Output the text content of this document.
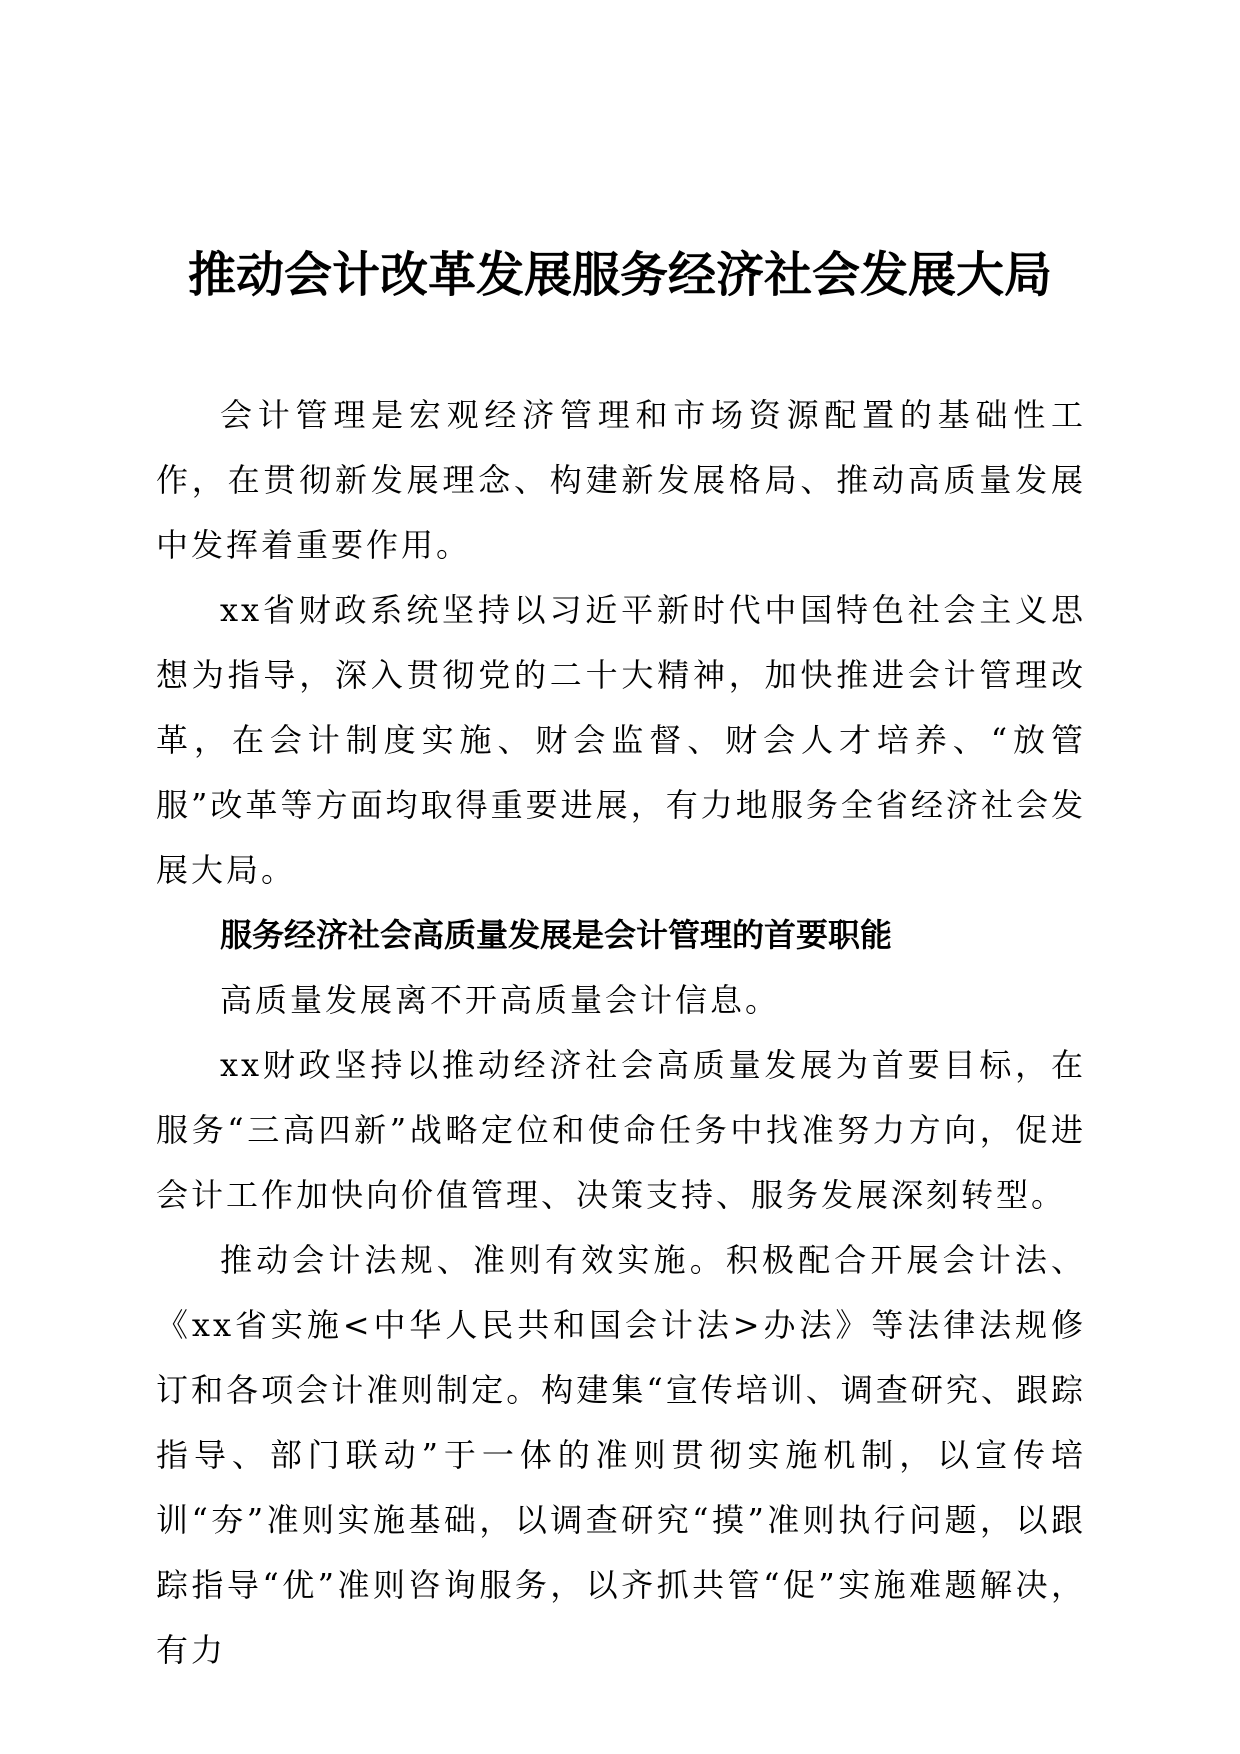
推动会计改革发展服务经济社会发展大局

会计管理是宏观经济管理和市场资源配置的基础性工作，在贯彻新发展理念、构建新发展格局、推动高质量发展中发挥着重要作用。

xx省财政系统坚持以习近平新时代中国特色社会主义思想为指导，深入贯彻党的二十大精神，加快推进会计管理改革，在会计制度实施、财会监督、财会人才培养、“放管服”改革等方面均取得重要进展，有力地服务全省经济社会发展大局。

服务经济社会高质量发展是会计管理的首要职能

高质量发展离不开高质量会计信息。

xx财政坚持以推动经济社会高质量发展为首要目标，在服务“三高四新”战略定位和使命任务中找准努力方向，促进会计工作加快向价值管理、决策支持、服务发展深刻转型。

推动会计法规、准则有效实施。积极配合开展会计法、《xx省实施<中华人民共和国会计法>办法》等法律法规修订和各项会计准则制定。构建集“宣传培训、调查研究、跟踪指导、部门联动”于一体的准则贯彻实施机制，以宣传培训“夯”准则实施基础，以调查研究“摸”准则执行问题，以跟踪指导“优”准则咨询服务，以齐抓共管“促”实施难题解决，有力
